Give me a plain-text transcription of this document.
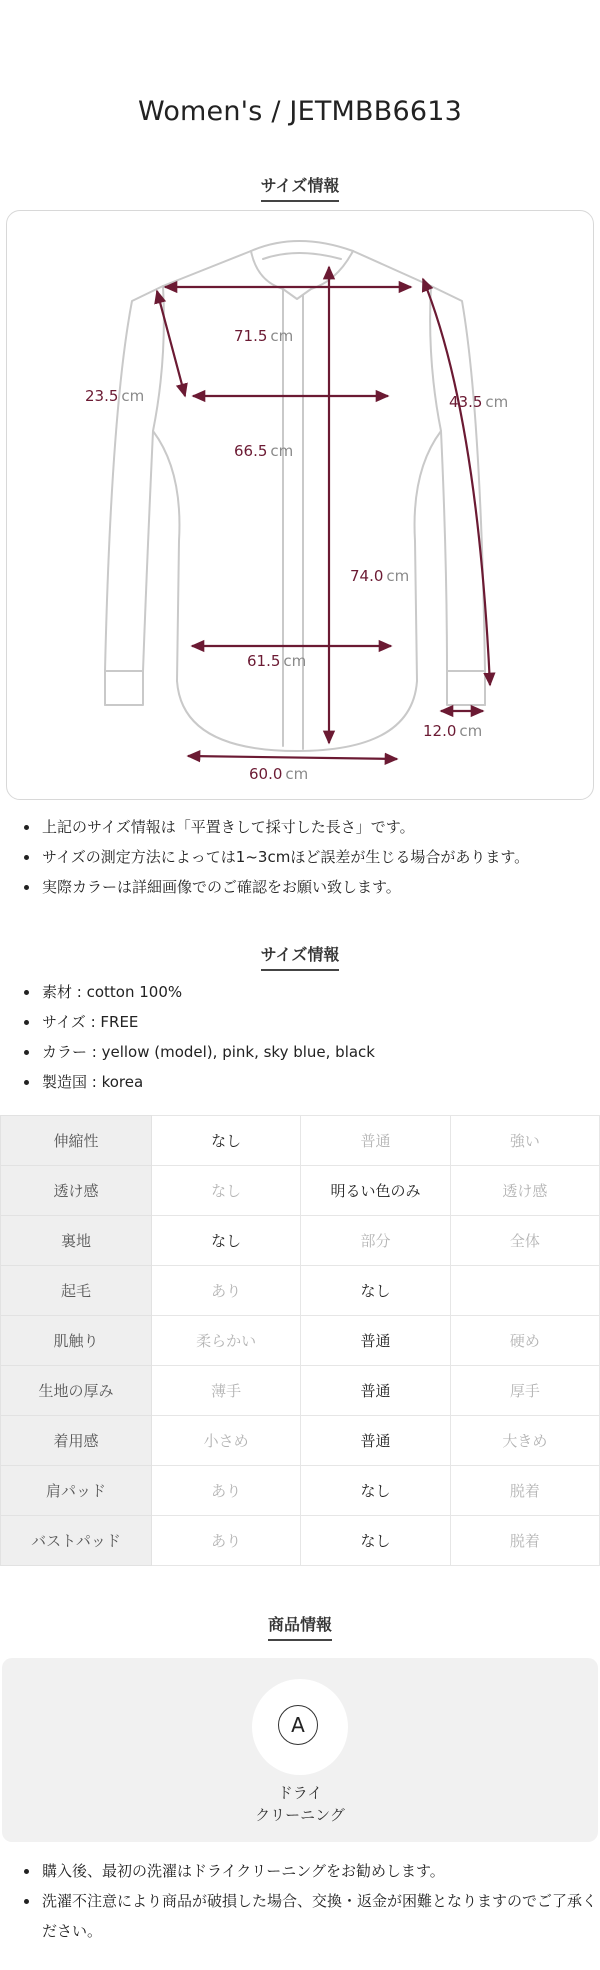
Women's / JETMBB6613
サイズ情報
71.5 cm
23.5 cm	43.5 cm
66.5 cm
74.0 cm
61.5 cm
12.0 cm
60.0 cm
• 上記のサイズ情報は「平置きして採寸した長さ」です。
• サイズの測定方法によっては1~3cmほど誤差が生じる場合があります。
• 実際カラーは詳細画像でのご確認をお願い致します。
サイズ情報
• 素材 : cotton 100%
• サイズ : FREE
• カラー : yellow (model), pink, sky blue, black
• 製造国 : korea
伸縮性	なし	普通	強い
透け感	なし	明るい色のみ	透け感
裏地	なし	部分	全体
起毛	あり	なし	
肌触り	柔らかい	普通	硬め
生地の厚み	薄手	普通	厚手
着用感	小さめ	普通	大きめ
肩パッド	あり	なし	脱着
バストパッド	あり	なし	脱着
商品情報
A
ドライ
クリーニング
• 購入後、最初の洗濯はドライクリーニングをお勧めします。
• 洗濯不注意により商品が破損した場合、交換・返金が困難となりますのでご了承ください。
